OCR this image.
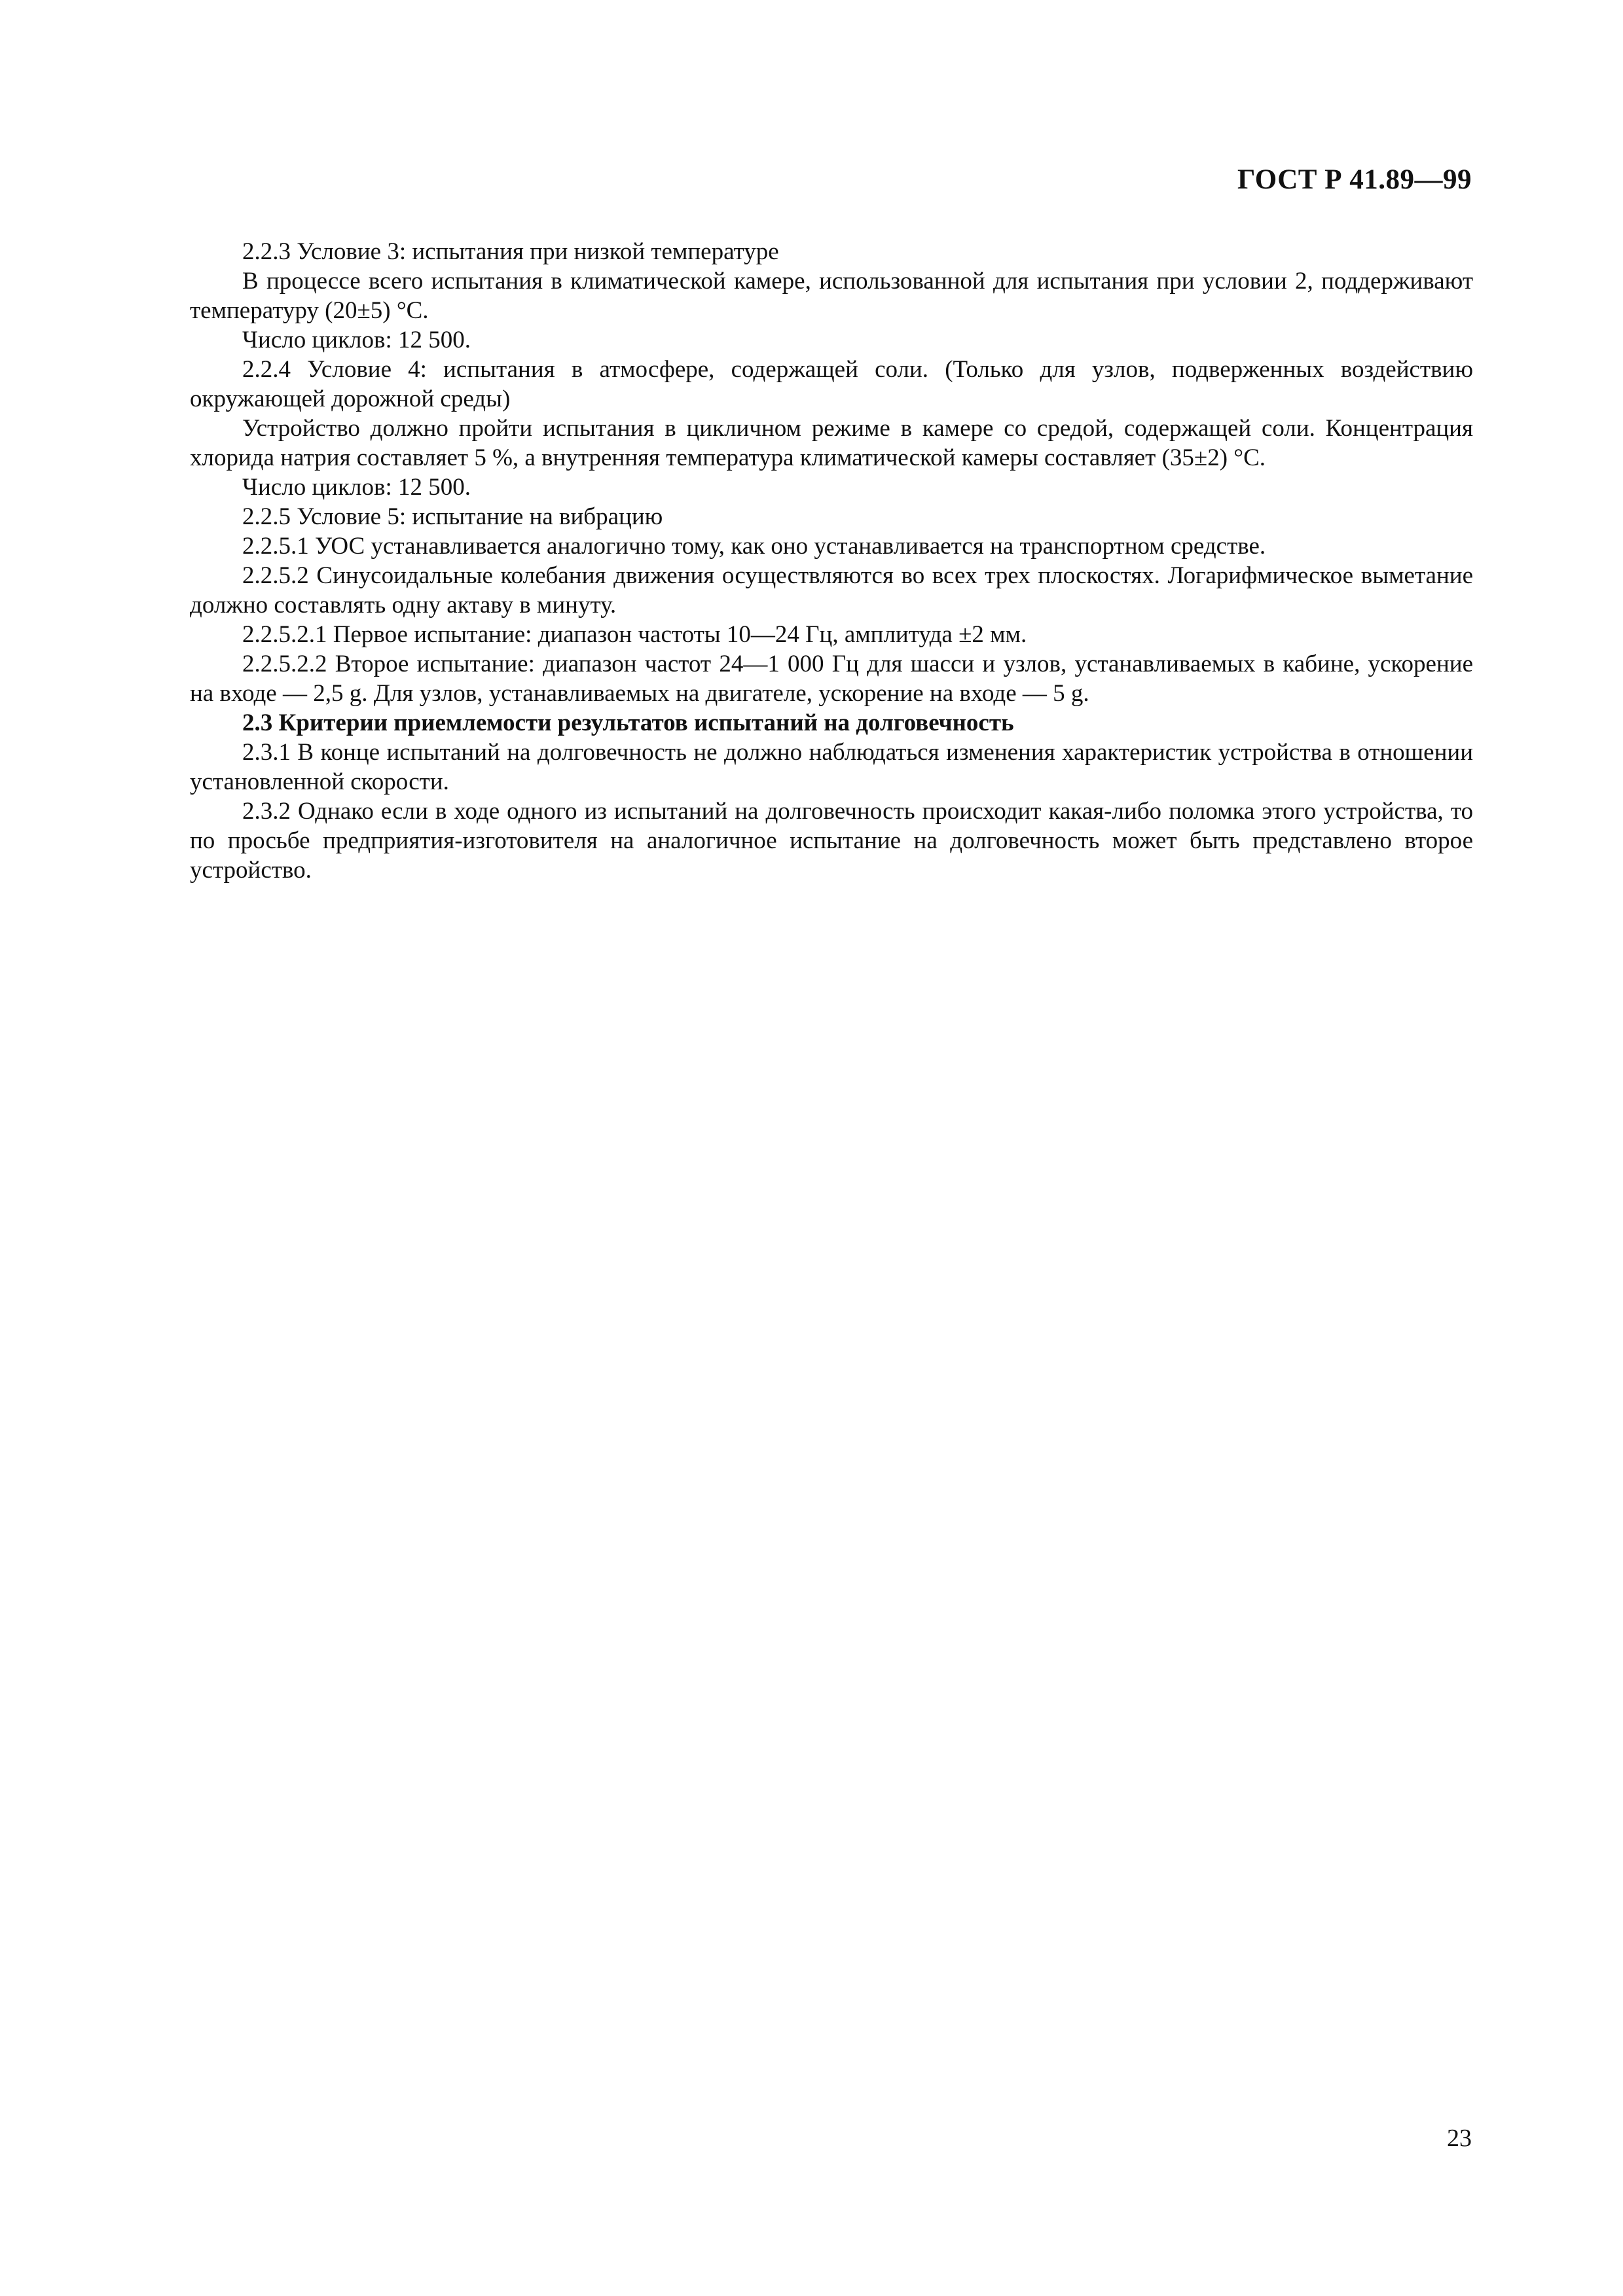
ГОСТ Р 41.89—99

2.2.3 Условие 3: испытания при низкой температуре

В процессе всего испытания в климатической камере, использованной для испытания при условии 2, поддерживают температуру (20±5) °С.

Число циклов: 12 500.

2.2.4 Условие 4: испытания в атмосфере, содержащей соли. (Только для узлов, подверженных воздействию окружающей дорожной среды)

Устройство должно пройти испытания в цикличном режиме в камере со средой, содержащей соли. Концентрация хлорида натрия составляет 5 %, а внутренняя температура климатической камеры составляет (35±2) °С.

Число циклов: 12 500.

2.2.5 Условие 5: испытание на вибрацию

2.2.5.1 УОС устанавливается аналогично тому, как оно устанавливается на транспортном средстве.

2.2.5.2 Синусоидальные колебания движения осуществляются во всех трех плоскостях. Логарифмическое выметание должно составлять одну актаву в минуту.

2.2.5.2.1 Первое испытание: диапазон частоты 10—24 Гц, амплитуда ±2 мм.

2.2.5.2.2 Второе испытание: диапазон частот 24—1 000 Гц для шасси и узлов, устанавливаемых в кабине, ускорение на входе — 2,5 g. Для узлов, устанавливаемых на двигателе, ускорение на входе — 5 g.

2.3 Критерии приемлемости результатов испытаний на долговечность

2.3.1 В конце испытаний на долговечность не должно наблюдаться изменения характеристик устройства в отношении установленной скорости.

2.3.2 Однако если в ходе одного из испытаний на долговечность происходит какая-либо поломка этого устройства, то по просьбе предприятия-изготовителя на аналогичное испытание на долговечность может быть представлено второе устройство.

23
